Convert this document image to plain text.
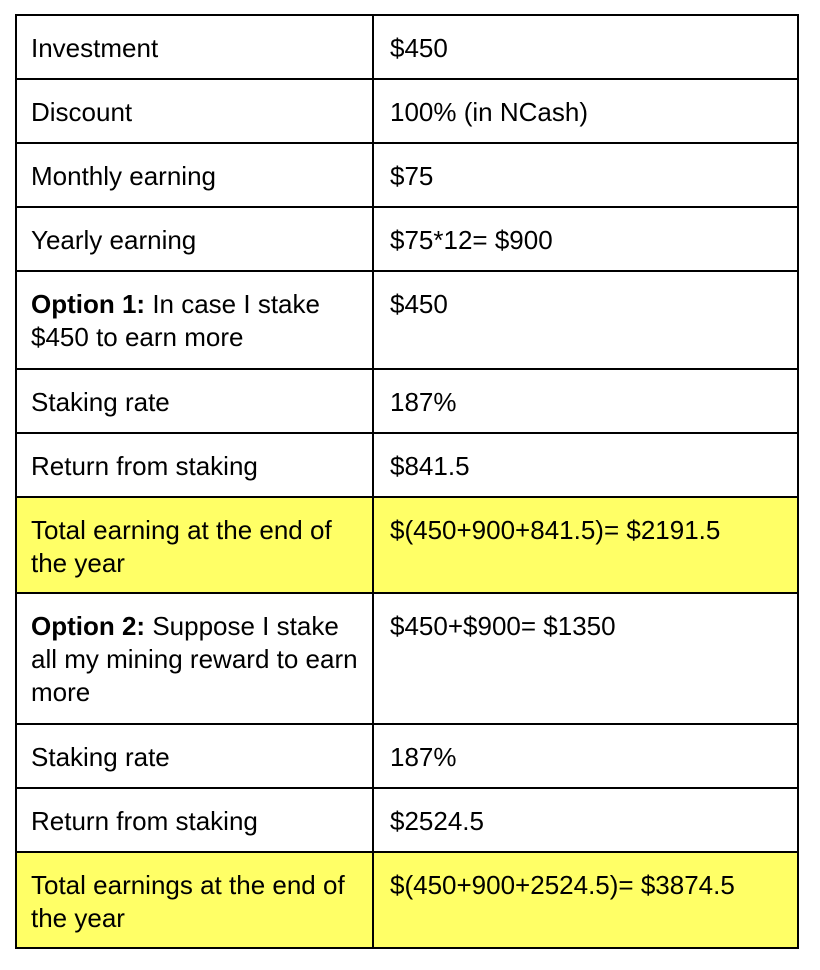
Investment	$450
Discount	100% (in NCash)
Monthly earning	$75
Yearly earning	$75*12= $900
Option 1: In case I stake $450 to earn more	$450
Staking rate	187%
Return from staking	$841.5
Total earning at the end of the year	$(450+900+841.5)= $2191.5
Option 2: Suppose I stake all my mining reward to earn more	$450+$900= $1350
Staking rate	187%
Return from staking	$2524.5
Total earnings at the end of the year	$(450+900+2524.5)= $3874.5
